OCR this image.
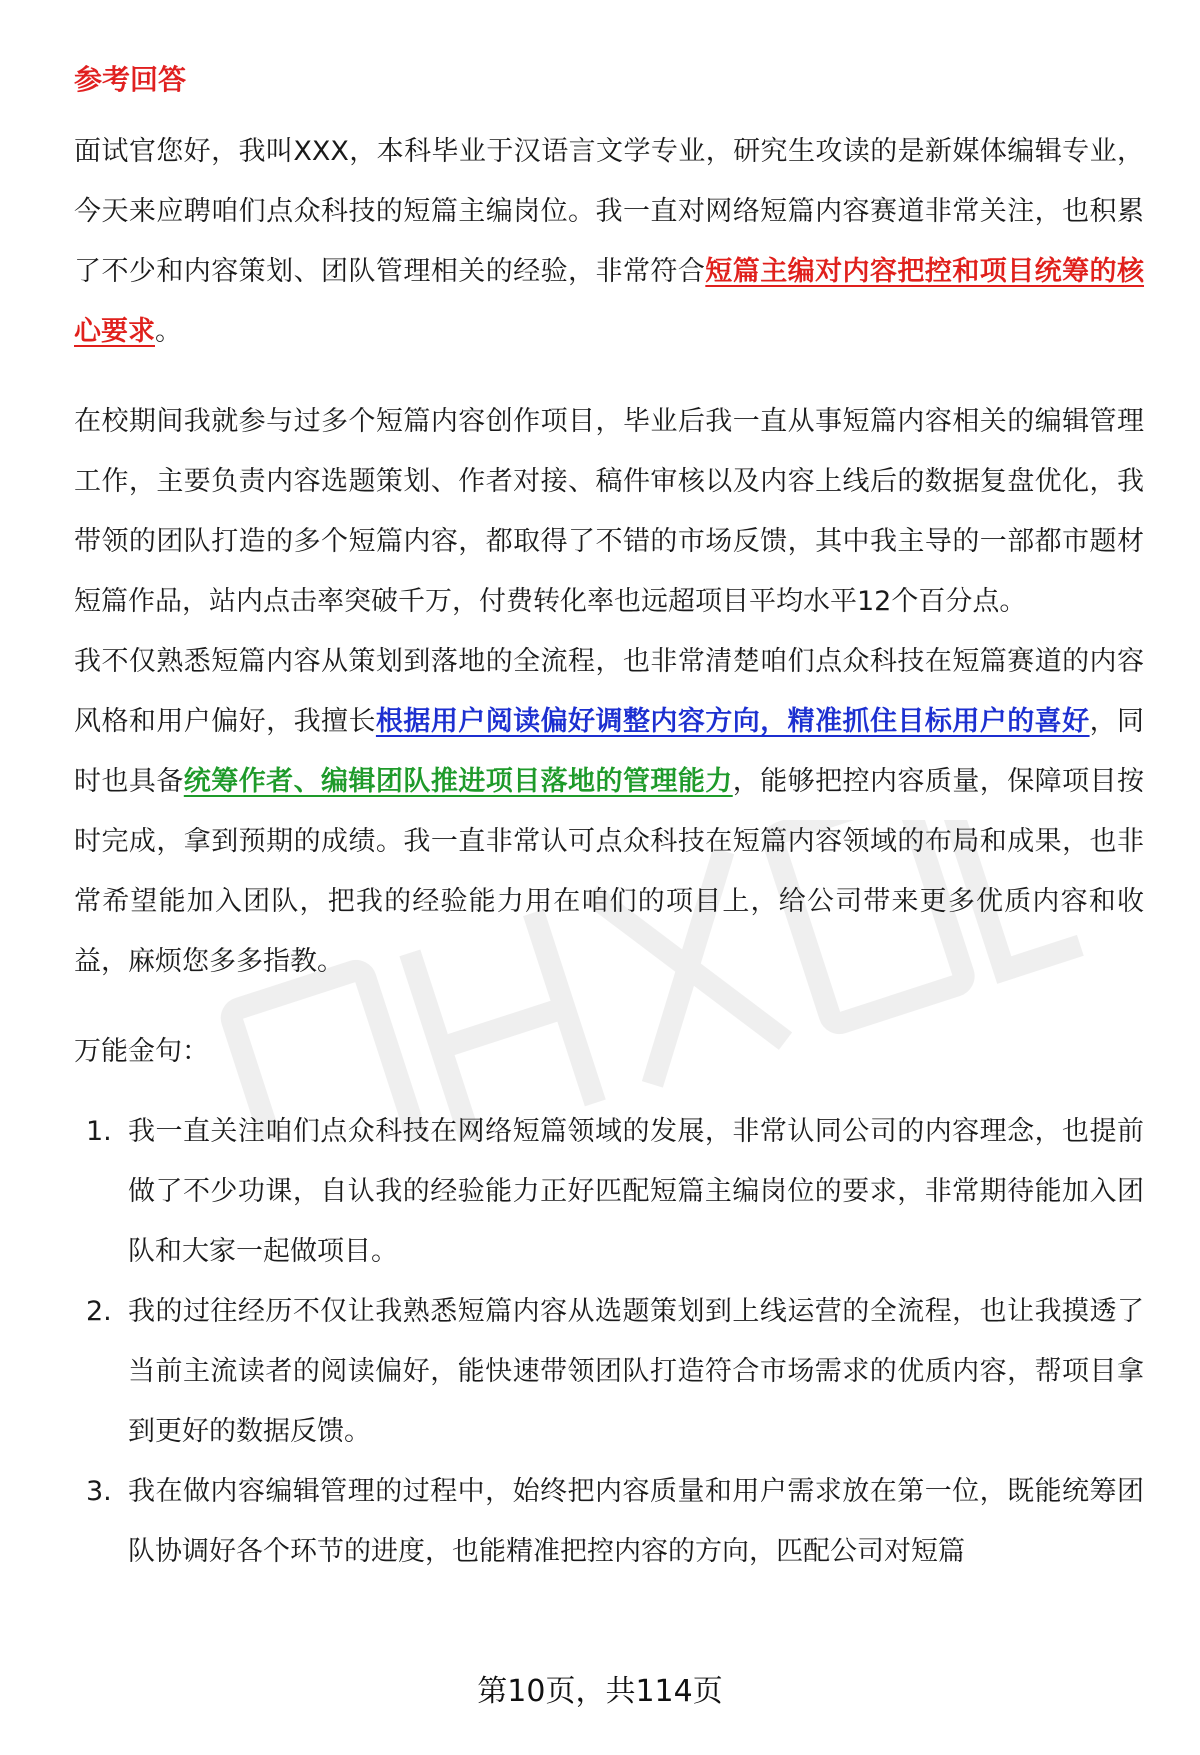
参考回答

面试官您好，我叫XXX，本科毕业于汉语言文学专业，研究生攻读的是新媒体编辑专业，今天来应聘咱们点众科技的短篇主编岗位。我一直对网络短篇内容赛道非常关注，也积累了不少和内容策划、团队管理相关的经验，非常符合短篇主编对内容把控和项目统筹的核心要求。

在校期间我就参与过多个短篇内容创作项目，毕业后我一直从事短篇内容相关的编辑管理工作，主要负责内容选题策划、作者对接、稿件审核以及内容上线后的数据复盘优化，我带领的团队打造的多个短篇内容，都取得了不错的市场反馈，其中我主导的一部都市题材短篇作品，站内点击率突破千万，付费转化率也远超项目平均水平12个百分点。

我不仅熟悉短篇内容从策划到落地的全流程，也非常清楚咱们点众科技在短篇赛道的内容风格和用户偏好，我擅长根据用户阅读偏好调整内容方向，精准抓住目标用户的喜好，同时也具备统筹作者、编辑团队推进项目落地的管理能力，能够把控内容质量，保障项目按时完成，拿到预期的成绩。我一直非常认可点众科技在短篇内容领域的布局和成果，也非常希望能加入团队，把我的经验能力用在咱们的项目上，给公司带来更多优质内容和收益，麻烦您多多指教。

万能金句：

1. 我一直关注咱们点众科技在网络短篇领域的发展，非常认同公司的内容理念，也提前做了不少功课，自认我的经验能力正好匹配短篇主编岗位的要求，非常期待能加入团队和大家一起做项目。
2. 我的过往经历不仅让我熟悉短篇内容从选题策划到上线运营的全流程，也让我摸透了当前主流读者的阅读偏好，能快速带领团队打造符合市场需求的优质内容，帮项目拿到更好的数据反馈。
3. 我在做内容编辑管理的过程中，始终把内容质量和用户需求放在第一位，既能统筹团队协调好各个环节的进度，也能精准把控内容的方向，匹配公司对短篇
第10页，共114页
